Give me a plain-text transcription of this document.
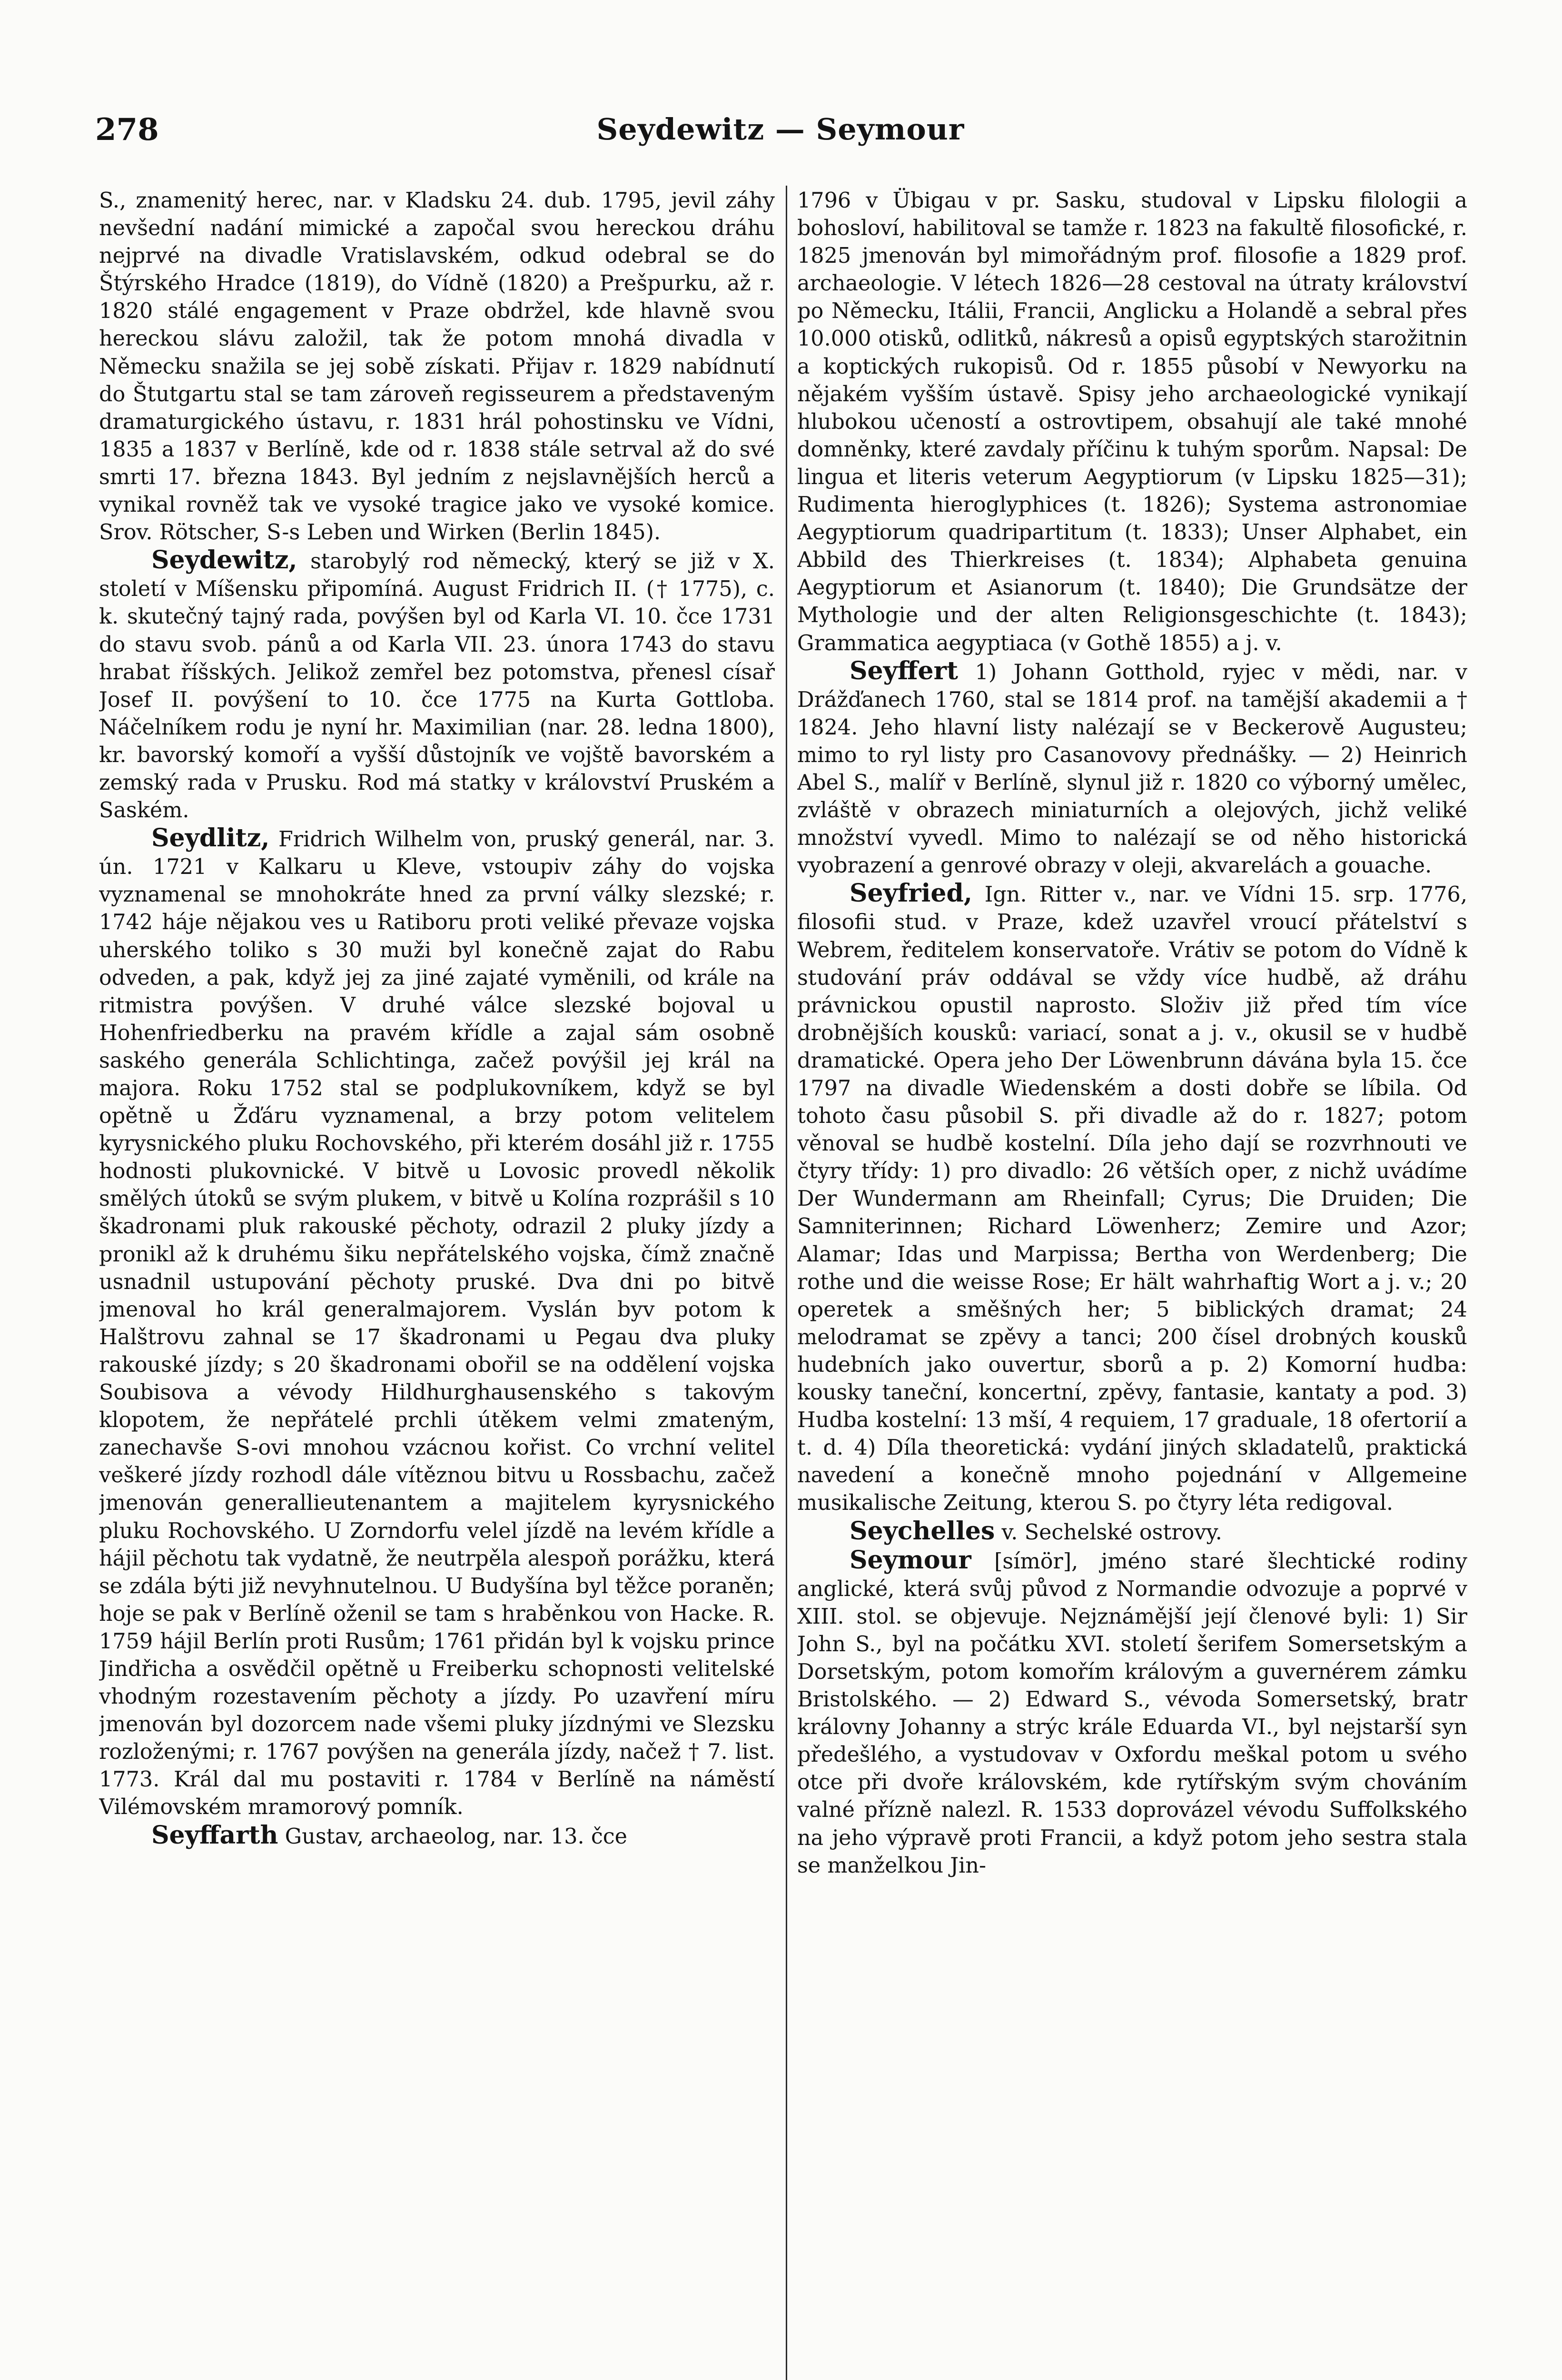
278	Seydewitz — Seymour

S., znamenitý herec, nar. v Kladsku 24. dub. 1795, jevil záhy nevšední nadání mimické a započal svou hereckou dráhu nejprvé na divadle Vratislavském, odkud odebral se do Štýrského Hradce (1819), do Vídně (1820) a Prešpurku, až r. 1820 stálé engagement v Praze obdržel, kde hlavně svou hereckou slávu založil, tak že potom mnohá divadla v Německu snažila se jej sobě získati. Přijav r. 1829 nabídnutí do Štutgartu stal se tam zároveň regisseurem a představeným dramaturgického ústavu, r. 1831 hrál pohostinsku ve Vídni, 1835 a 1837 v Berlíně, kde od r. 1838 stále setrval až do své smrti 17. března 1843. Byl jedním z nejslavnějších herců a vynikal rovněž tak ve vysoké tragice jako ve vysoké komice. Srov. Rötscher, S-s Leben und Wirken (Berlin 1845).

Seydewitz, starobylý rod německý, který se již v X. století v Míšensku připomíná. August Fridrich II. († 1775), c. k. skutečný tajný rada, povýšen byl od Karla VI. 10. čce 1731 do stavu svob. pánů a od Karla VII. 23. února 1743 do stavu hrabat říšských. Jelikož zemřel bez potomstva, přenesl císař Josef II. povýšení to 10. čce 1775 na Kurta Gottloba. Náčelníkem rodu je nyní hr. Maximilian (nar. 28. ledna 1800), kr. bavorský komoří a vyšší důstojník ve vojště bavorském a zemský rada v Prusku. Rod má statky v království Pruském a Saském.

Seydlitz, Fridrich Wilhelm von, pruský generál, nar. 3. ún. 1721 v Kalkaru u Kleve, vstoupiv záhy do vojska vyznamenal se mnohokráte hned za první války slezské; r. 1742 háje nějakou ves u Ratiboru proti veliké převaze vojska uherského toliko s 30 muži byl konečně zajat do Rabu odveden, a pak, když jej za jiné zajaté vyměnili, od krále na ritmistra povýšen. V druhé válce slezské bojoval u Hohenfriedberku na pravém křídle a zajal sám osobně saského generála Schlichtinga, začež povýšil jej král na majora. Roku 1752 stal se podplukovníkem, když se byl opětně u Žďáru vyznamenal, a brzy potom velitelem kyrysnického pluku Rochovského, při kterém dosáhl již r. 1755 hodnosti plukovnické. V bitvě u Lovosic provedl několik smělých útoků se svým plukem, v bitvě u Kolína rozprášil s 10 škadronami pluk rakouské pěchoty, odrazil 2 pluky jízdy a pronikl až k druhému šiku nepřátelského vojska, čímž značně usnadnil ustupování pěchoty pruské. Dva dni po bitvě jmenoval ho král generalmajorem. Vyslán byv potom k Halštrovu zahnal se 17 škadronami u Pegau dva pluky rakouské jízdy; s 20 škadronami obořil se na oddělení vojska Soubisova a vévody Hildhurghausenského s takovým klopotem, že nepřátelé prchli útěkem velmi zmateným, zanechavše S-ovi mnohou vzácnou kořist. Co vrchní velitel veškeré jízdy rozhodl dále vítěznou bitvu u Rossbachu, začež jmenován generallieutenantem a majitelem kyrysnického pluku Rochovského. U Zorndorfu velel jízdě na levém křídle a hájil pěchotu tak vydatně, že neutrpěla alespoň porážku, která se zdála býti již nevyhnutelnou. U Budyšína byl těžce poraněn; hoje se pak v Berlíně oženil se tam s hraběnkou von Hacke. R. 1759 hájil Berlín proti Rusům; 1761 přidán byl k vojsku prince Jindřicha a osvědčil opětně u Freiberku schopnosti velitelské vhodným rozestavením pěchoty a jízdy. Po uzavření míru jmenován byl dozorcem nade všemi pluky jízdnými ve Slezsku rozloženými; r. 1767 povýšen na generála jízdy, načež † 7. list. 1773. Král dal mu postaviti r. 1784 v Berlíně na náměstí Vilémovském mramorový pomník.

Seyffarth Gustav, archaeolog, nar. 13. čce

1796 v Übigau v pr. Sasku, studoval v Lipsku filologii a bohosloví, habilitoval se tamže r. 1823 na fakultě filosofické, r. 1825 jmenován byl mimořádným prof. filosofie a 1829 prof. archaeologie. V létech 1826—28 cestoval na útraty království po Německu, Itálii, Francii, Anglicku a Holandě a sebral přes 10.000 otisků, odlitků, nákresů a opisů egyptských starožitnin a koptických rukopisů. Od r. 1855 působí v Newyorku na nějakém vyšším ústavě. Spisy jeho archaeologické vynikají hlubokou učeností a ostrovtipem, obsahují ale také mnohé domněnky, které zavdaly příčinu k tuhým sporům. Napsal: De lingua et literis veterum Aegyptiorum (v Lipsku 1825—31); Rudimenta hieroglyphices (t. 1826); Systema astronomiae Aegyptiorum quadripartitum (t. 1833); Unser Alphabet, ein Abbild des Thierkreises (t. 1834); Alphabeta genuina Aegyptiorum et Asianorum (t. 1840); Die Grundsätze der Mythologie und der alten Religionsgeschichte (t. 1843); Grammatica aegyptiaca (v Gothě 1855) a j. v.

Seyffert 1) Johann Gotthold, ryjec v mědi, nar. v Drážďanech 1760, stal se 1814 prof. na tamější akademii a † 1824. Jeho hlavní listy nalézají se v Beckerově Augusteu; mimo to ryl listy pro Casanovovy přednášky. — 2) Heinrich Abel S., malíř v Berlíně, slynul již r. 1820 co výborný umělec, zvláště v obrazech miniaturních a olejových, jichž veliké množství vyvedl. Mimo to nalézají se od něho historická vyobrazení a genrové obrazy v oleji, akvarelách a gouache.

Seyfried, Ign. Ritter v., nar. ve Vídni 15. srp. 1776, filosofii stud. v Praze, kdež uzavřel vroucí přátelství s Webrem, ředitelem konservatoře. Vrátiv se potom do Vídně k studování práv oddával se vždy více hudbě, až dráhu právnickou opustil naprosto. Složiv již před tím více drobnějších kousků: variací, sonat a j. v., okusil se v hudbě dramatické. Opera jeho Der Löwenbrunn dávána byla 15. čce 1797 na divadle Wiedenském a dosti dobře se líbila. Od tohoto času působil S. při divadle až do r. 1827; potom věnoval se hudbě kostelní. Díla jeho dají se rozvrhnouti ve čtyry třídy: 1) pro divadlo: 26 větších oper, z nichž uvádíme Der Wundermann am Rheinfall; Cyrus; Die Druiden; Die Samniterinnen; Richard Löwenherz; Zemire und Azor; Alamar; Idas und Marpissa; Bertha von Werdenberg; Die rothe und die weisse Rose; Er hält wahrhaftig Wort a j. v.; 20 operetek a směšných her; 5 biblických dramat; 24 melodramat se zpěvy a tanci; 200 čísel drobných kousků hudebních jako ouvertur, sborů a p. 2) Komorní hudba: kousky taneční, koncertní, zpěvy, fantasie, kantaty a pod. 3) Hudba kostelní: 13 mší, 4 requiem, 17 graduale, 18 ofertorií a t. d. 4) Díla theoretická: vydání jiných skladatelů, praktická navedení a konečně mnoho pojednání v Allgemeine musikalische Zeitung, kterou S. po čtyry léta redigoval.

Seychelles v. Sechelské ostrovy.

Seymour [símör], jméno staré šlechtické rodiny anglické, která svůj původ z Normandie odvozuje a poprvé v XIII. stol. se objevuje. Nejznámější její členové byli: 1) Sir John S., byl na počátku XVI. století šerifem Somersetským a Dorsetským, potom komořím královým a guvernérem zámku Bristolského. — 2) Edward S., vévoda Somersetský, bratr královny Johanny a strýc krále Eduarda VI., byl nejstarší syn předešlého, a vystudovav v Oxfordu meškal potom u svého otce při dvoře královském, kde rytířským svým chováním valné přízně nalezl. R. 1533 doprovázel vévodu Suffolkského na jeho výpravě proti Francii, a když potom jeho sestra stala se manželkou Jin-
